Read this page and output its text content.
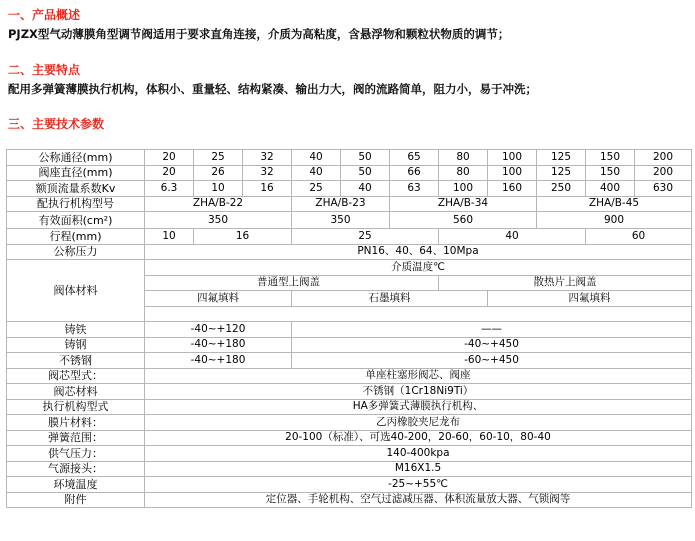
一、产品概述
PJZX型气动薄膜角型调节阀适用于要求直角连接，介质为高粘度，含悬浮物和颗粒状物质的调节；
二、主要特点
配用多弹簧薄膜执行机构，体积小、重量轻、结构紧凑、输出力大，阀的流路简单，阻力小，易于冲洗；
三、主要技术参数
公称通径(mm)	20	25	32	40	50	65	80	100	125	150	200
阀座直径(mm)	20	26	32	40	50	66	80	100	125	150	200
额顶流量系数Kv	6.3	10	16	25	40	63	100	160	250	400	630
配执行机构型号	ZHA/B-22			ZHA/B-23		ZHA/B-34			ZHA/B-45		
有效面积(cm²)	350			350		560			900		
行程(mm)	10	16		25			40			60	
公称压力	PN16、40、64、10Mpa										
阀体材料	介质温度℃										
	普通型上阀盖						散热片上阀盖				
	四氟填料			石墨填料				四氟填料			

铸铁	-40~+120			——							
铸钢	-40~+180			-40~+450							
不锈钢	-40~+180			-60~+450							
阀芯型式：	单座柱塞形阀芯、阀座										
阀芯材料	不锈钢（1Cr18Ni9Ti）										
执行机构型式	HA多弹簧式薄膜执行机构、										
膜片材料：	乙丙橡胶夹尼龙布										
弹簧范围：	20-100（标准）、可选40-200，20-60，60-10，80-40										
供气压力：	140-400kpa										
气源接头：	M16X1.5										
环境温度	-25~+55℃										
附件	定位器、手轮机构、空气过滤减压器、体积流量放大器、气锁阀等										
